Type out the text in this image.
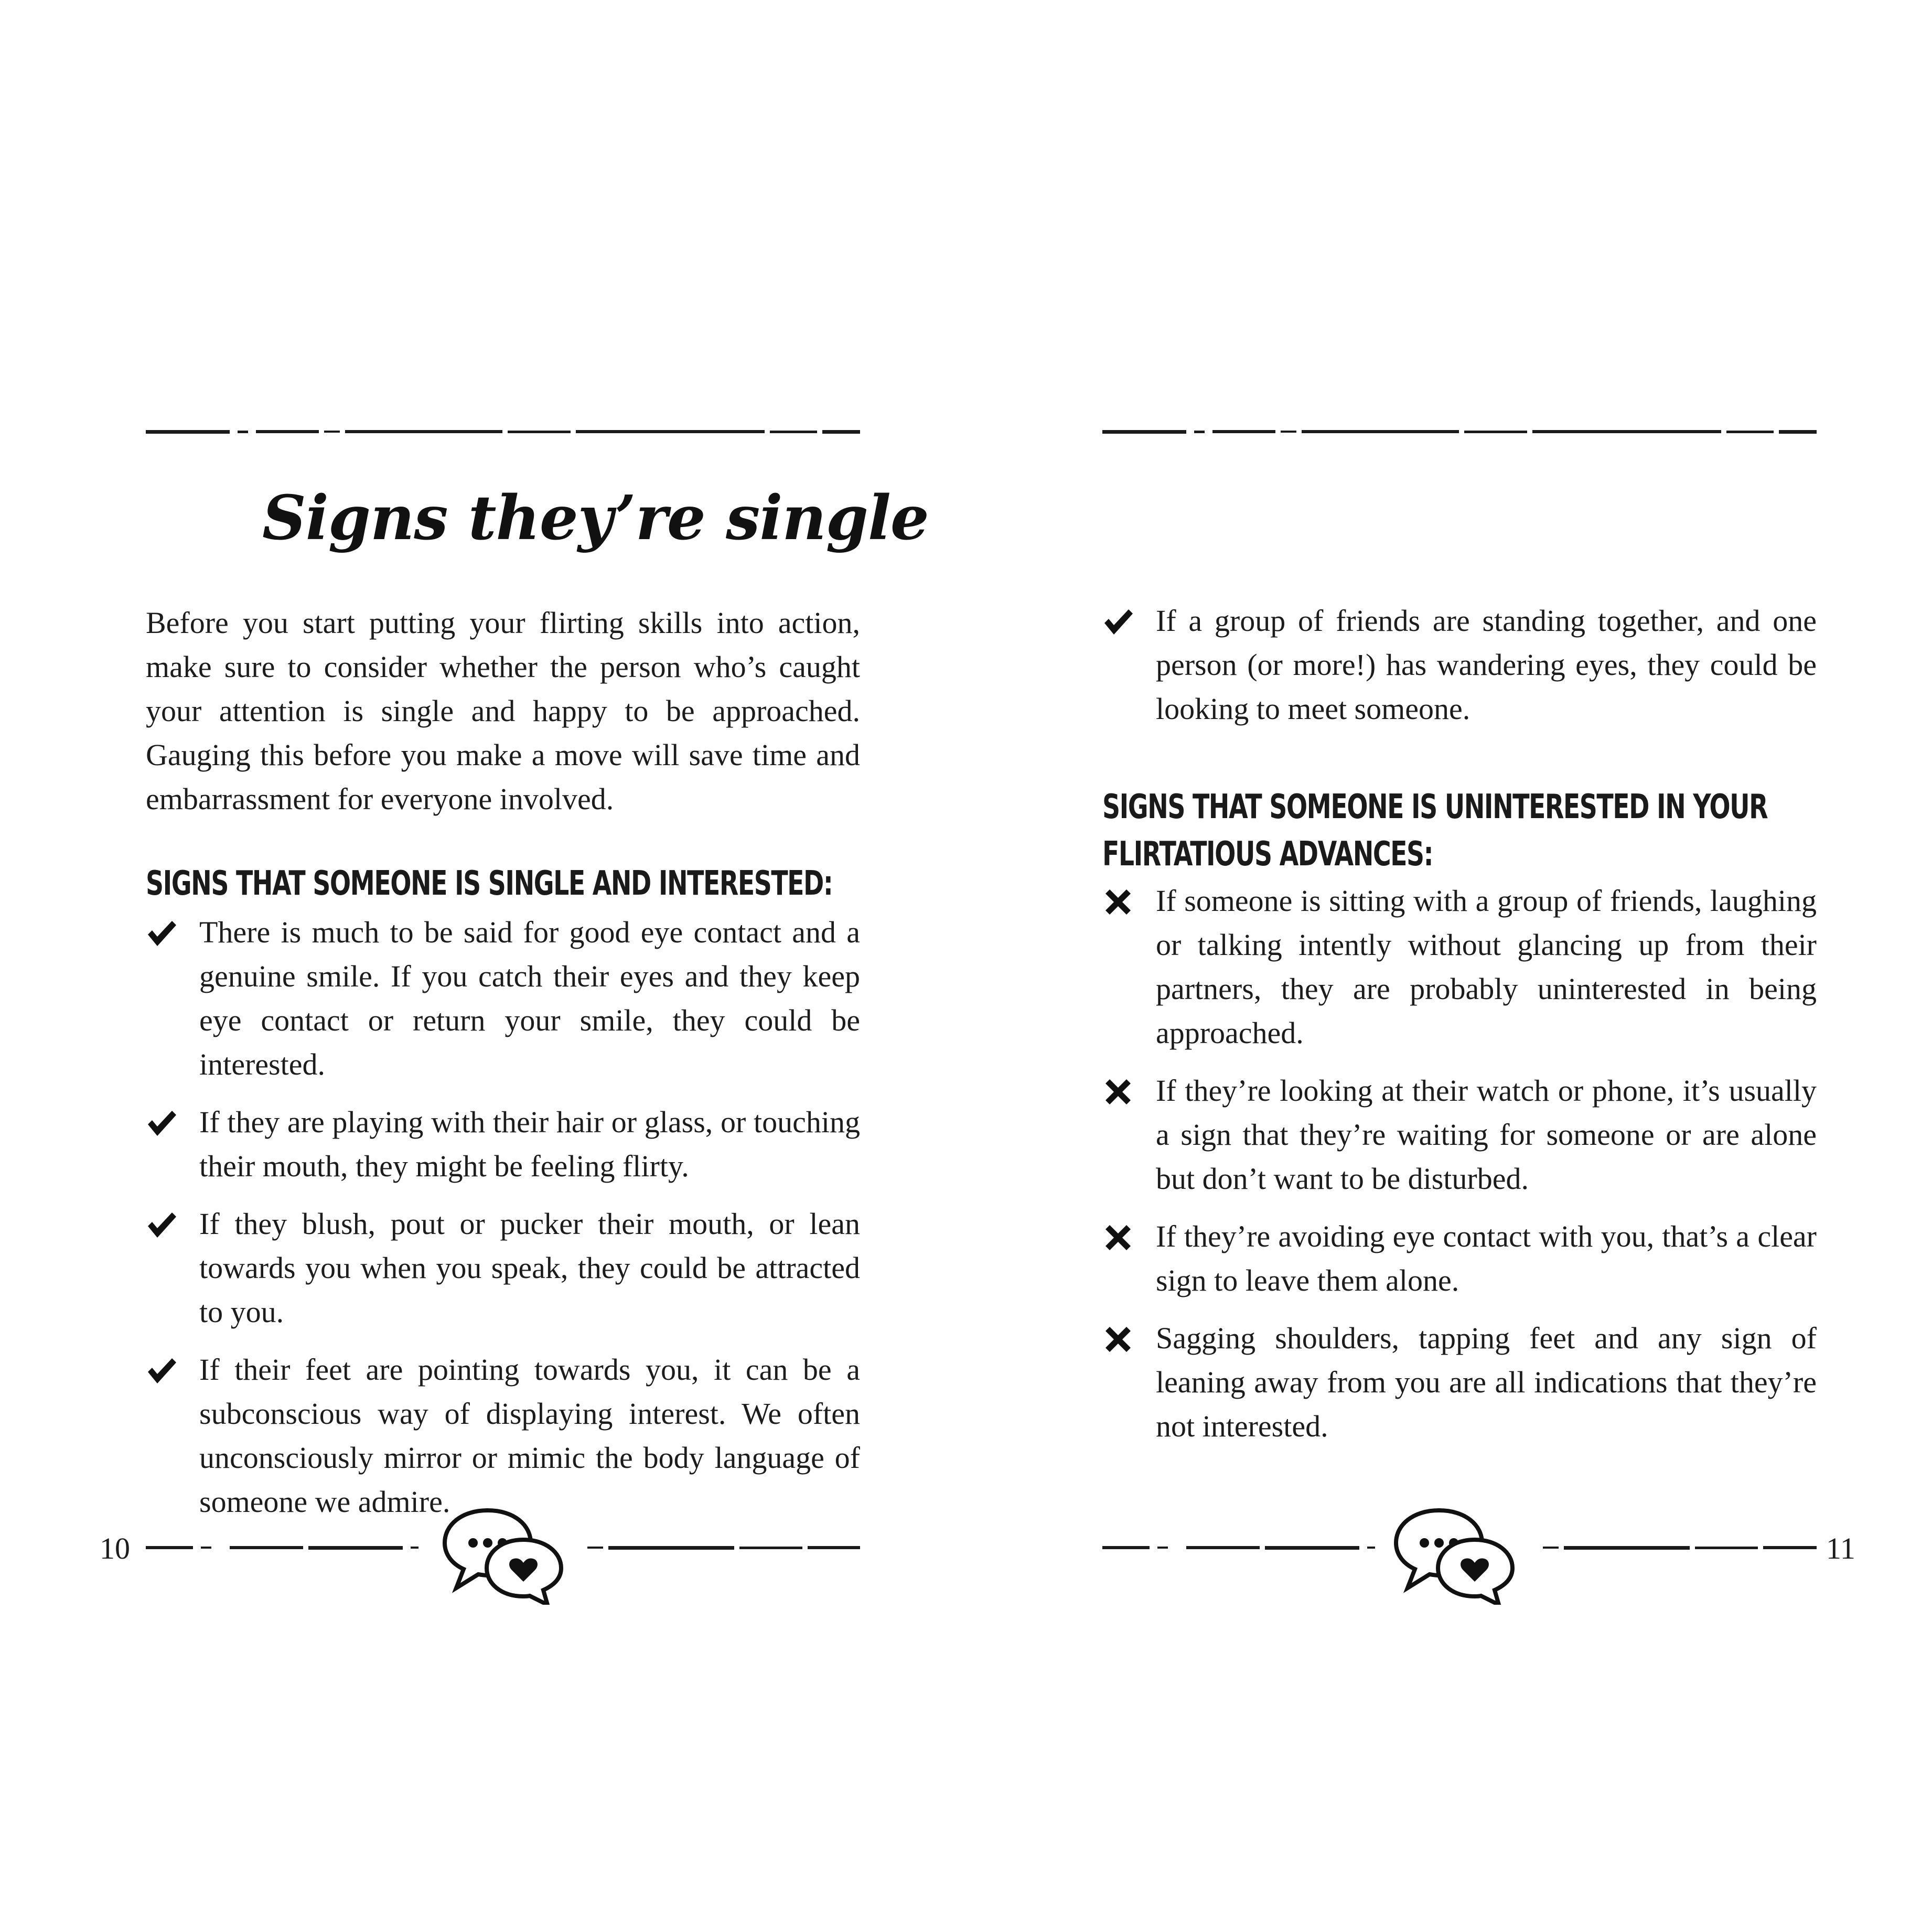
Signs they’re single

Before you start putting your flirting skills into action, make sure to consider whether the person who’s caught your attention is single and happy to be approached. Gauging this before you make a move will save time and embarrassment for everyone involved.

SIGNS THAT SOMEONE IS SINGLE AND INTERESTED:
There is much to be said for good eye contact and a genuine smile. If you catch their eyes and they keep eye contact or return your smile, they could be interested.
If they are playing with their hair or glass, or touching their mouth, they might be feeling flirty.
If they blush, pout or pucker their mouth, or lean towards you when you speak, they could be attracted to you.
If their feet are pointing towards you, it can be a subconscious way of displaying interest. We often unconsciously mirror or mimic the body language of someone we admire.
10
If a group of friends are standing together, and one person (or more!) has wandering eyes, they could be looking to meet someone.
SIGNS THAT SOMEONE IS UNINTERESTED IN YOUR
FLIRTATIOUS ADVANCES:
If someone is sitting with a group of friends, laughing or talking intently without glancing up from their partners, they are probably uninterested in being approached.
If they’re looking at their watch or phone, it’s usually a sign that they’re waiting for someone or are alone but don’t want to be disturbed.
If they’re avoiding eye contact with you, that’s a clear sign to leave them alone.
Sagging shoulders, tapping feet and any sign of leaning away from you are all indications that they’re not interested.
11
